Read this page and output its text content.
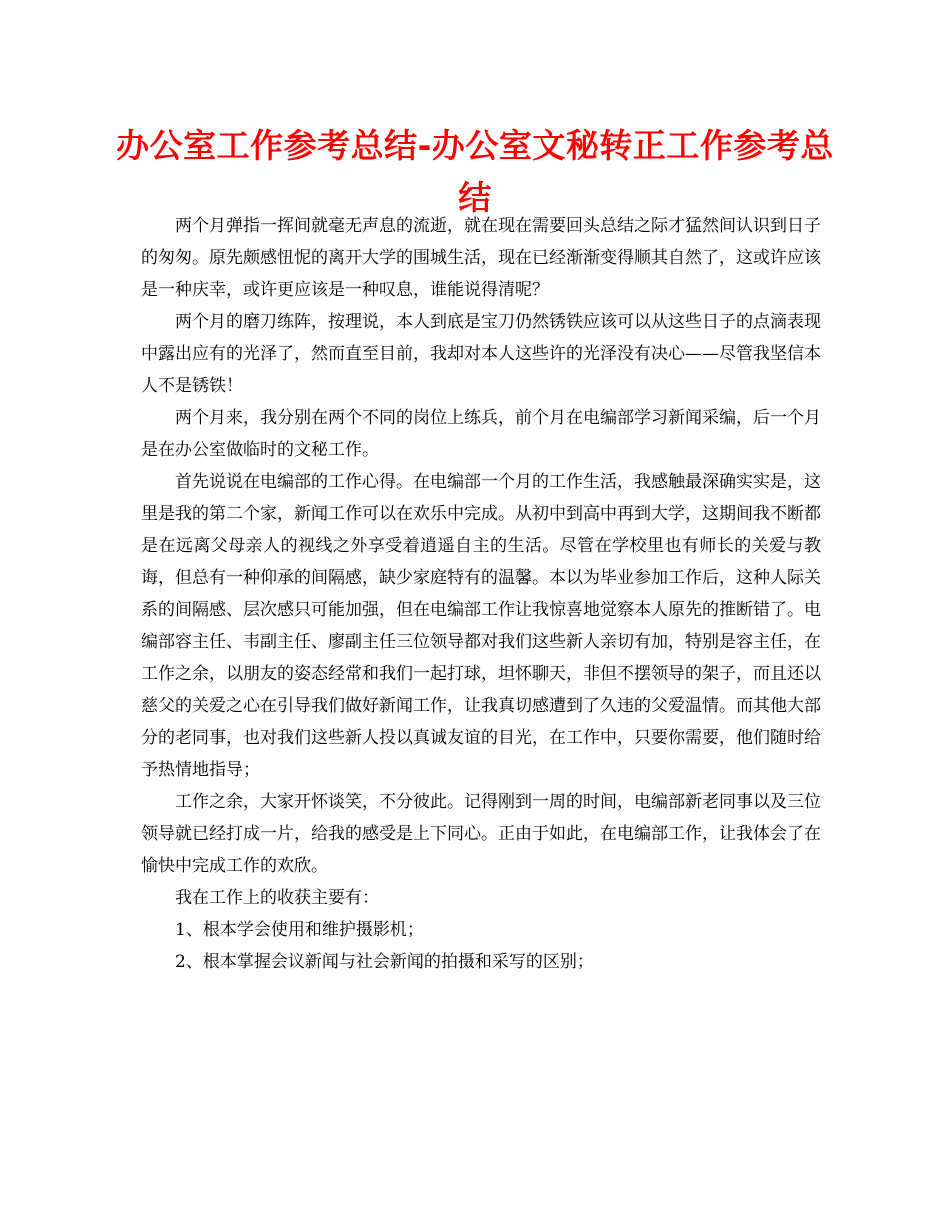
办公室工作参考总结-办公室文秘转正工作参考总结

两个月弹指一挥间就毫无声息的流逝，就在现在需要回头总结之际才猛然间认识到日子的匆匆。原先颇感忸怩的离开大学的围城生活，现在已经渐渐变得顺其自然了，这或许应该是一种庆幸，或许更应该是一种叹息，谁能说得清呢？

两个月的磨刀练阵，按理说，本人到底是宝刀仍然锈铁应该可以从这些日子的点滴表现中露出应有的光泽了，然而直至目前，我却对本人这些许的光泽没有决心——尽管我坚信本人不是锈铁！

两个月来，我分别在两个不同的岗位上练兵，前个月在电编部学习新闻采编，后一个月是在办公室做临时的文秘工作。

首先说说在电编部的工作心得。在电编部一个月的工作生活，我感触最深确实实是，这里是我的第二个家，新闻工作可以在欢乐中完成。从初中到高中再到大学，这期间我不断都是在远离父母亲人的视线之外享受着逍遥自主的生活。尽管在学校里也有师长的关爱与教诲，但总有一种仰承的间隔感，缺少家庭特有的温馨。本以为毕业参加工作后，这种人际关系的间隔感、层次感只可能加强，但在电编部工作让我惊喜地觉察本人原先的推断错了。电编部容主任、韦副主任、廖副主任三位领导都对我们这些新人亲切有加，特别是容主任，在工作之余，以朋友的姿态经常和我们一起打球，坦怀聊天，非但不摆领导的架子，而且还以慈父的关爱之心在引导我们做好新闻工作，让我真切感遭到了久违的父爱温情。而其他大部分的老同事，也对我们这些新人投以真诚友谊的目光，在工作中，只要你需要，他们随时给予热情地指导；

工作之余，大家开怀谈笑，不分彼此。记得刚到一周的时间，电编部新老同事以及三位领导就已经打成一片，给我的感受是上下同心。正由于如此，在电编部工作，让我体会了在愉快中完成工作的欢欣。

我在工作上的收获主要有：

1、根本学会使用和维护摄影机；

2、根本掌握会议新闻与社会新闻的拍摄和采写的区别；
